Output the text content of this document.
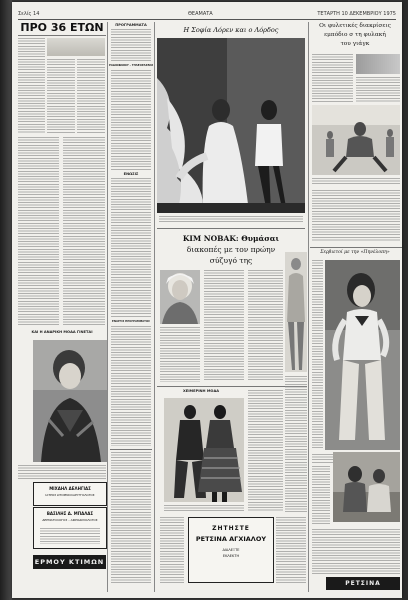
Σελίς 14	ΘΕΑΜΑΤΑ	ΤΕΤΑΡΤΗ 10 ΔΕΚΕΜΒΡΙΟΥ 1975
ΠΡΟ 36 ΕΤΩΝ
ΚΑΙ Η ΑΝΔΡΙΚΗ ΜΟΔΑ ΓΙΝΕΤΑΙ
ΜΙΧΑΗΛ ΔΕΛΗΓΙΑΣ
ΙΑΤΡΟΣ ΩΤΟΡΙΝΟΛΑΡΥΓΓΟΛΟΓΟΣ
ΒΑΣΙΛΗΣ Δ. ΜΠΑΛΑΣ
ΔΕΡΜΑΤΟΛΟΓΟΣ – ΑΦΡΟΔΙΣΙΟΛΟΓΟΣ
ΕΡΜΟΥ ΚΤΙΜΩΝ
ΠΡΟΓΡΑΜΜΑΤΑ
ΡΑΔΙΟΦΩΝΟΥ – ΤΗΛΕΟΡΑΣΕΩΣ
ΕΝΩΣΙΣ
ΕΝΑΡΞΙΣ ΠΡΟΓΡΑΜΜΑΤΟΣ
Η Σοφία Λόρεν και ο Λόρδος
ΚΙΜ ΝΟΒΑΚ: Θυμάσαι
διακοπές με τον πρώην
σύζυγό της
ΧΕΙΜΕΡΙΝΗ ΜΟΔΑ
ΖΗΤΗΣΤΕ
ΡΕΤΣΙΝΑ ΑΓΧΙΑΛΟΥ
ΔΙΑΛΕΞΤΕ
ΕΚΛΕΚΤΗ
Οι φυλετικές διακρίσεις
εμπόδιο σ τη φυλακή
του γιάγκ
Σερβιετοί με την «Πηνέλοπη»
ΡΕΤΣΙΝΑ ΑΓΧΙΑΛΟΥ
